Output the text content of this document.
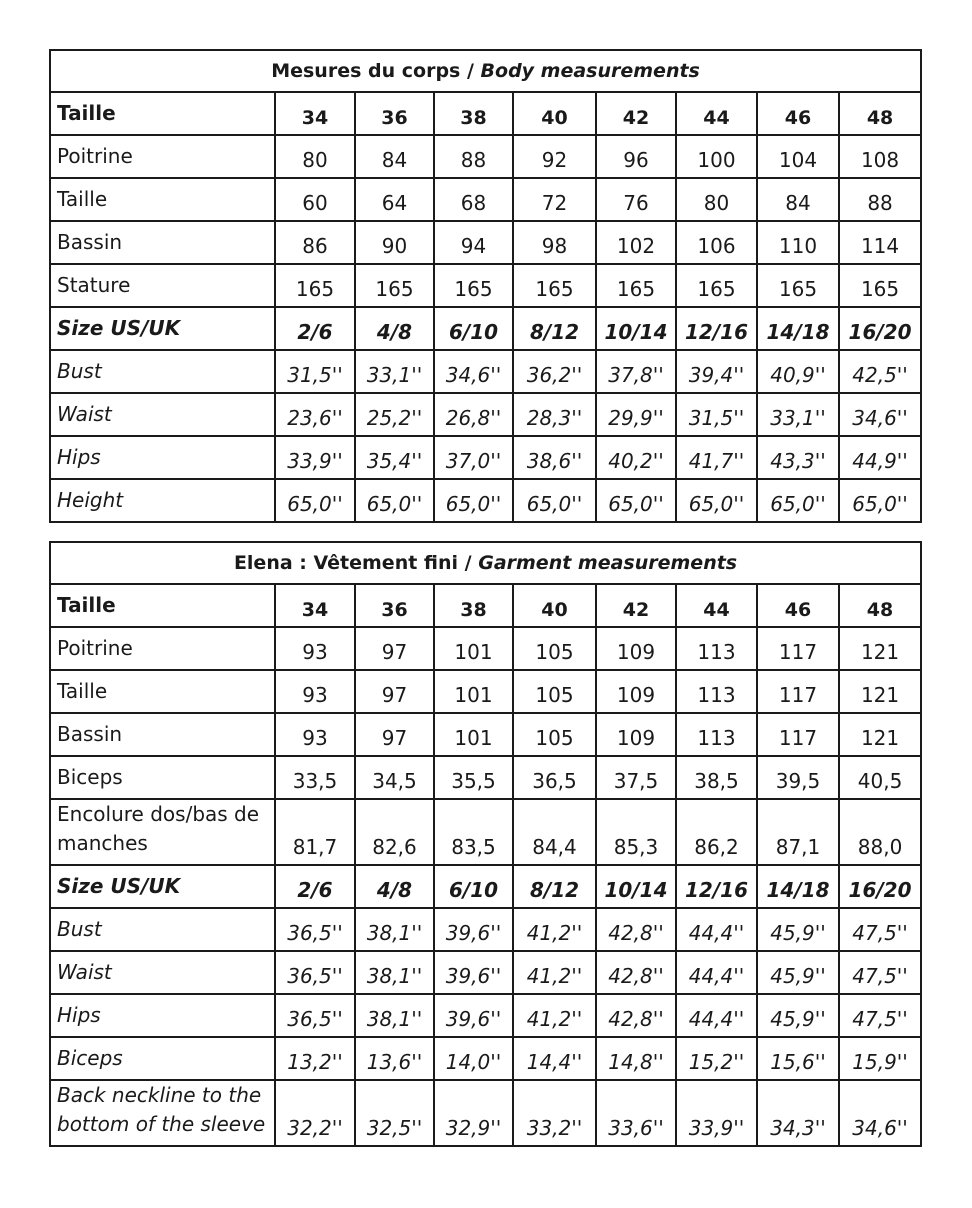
Mesures du corps / Body measurements								
Taille	34	36	38	40	42	44	46	48
Poitrine	80	84	88	92	96	100	104	108
Taille	60	64	68	72	76	80	84	88
Bassin	86	90	94	98	102	106	110	114
Stature	165	165	165	165	165	165	165	165
Size US/UK	2/6	4/8	6/10	8/12	10/14	12/16	14/18	16/20
Bust	31,5''	33,1''	34,6''	36,2''	37,8''	39,4''	40,9''	42,5''
Waist	23,6''	25,2''	26,8''	28,3''	29,9''	31,5''	33,1''	34,6''
Hips	33,9''	35,4''	37,0''	38,6''	40,2''	41,7''	43,3''	44,9''
Height	65,0''	65,0''	65,0''	65,0''	65,0''	65,0''	65,0''	65,0''
Elena : Vêtement fini / Garment measurements								
Taille	34	36	38	40	42	44	46	48
Poitrine	93	97	101	105	109	113	117	121
Taille	93	97	101	105	109	113	117	121
Bassin	93	97	101	105	109	113	117	121
Biceps	33,5	34,5	35,5	36,5	37,5	38,5	39,5	40,5
Encolure dos/bas de manches	81,7	82,6	83,5	84,4	85,3	86,2	87,1	88,0
Size US/UK	2/6	4/8	6/10	8/12	10/14	12/16	14/18	16/20
Bust	36,5''	38,1''	39,6''	41,2''	42,8''	44,4''	45,9''	47,5''
Waist	36,5''	38,1''	39,6''	41,2''	42,8''	44,4''	45,9''	47,5''
Hips	36,5''	38,1''	39,6''	41,2''	42,8''	44,4''	45,9''	47,5''
Biceps	13,2''	13,6''	14,0''	14,4''	14,8''	15,2''	15,6''	15,9''
Back neckline to the bottom of the sleeve	32,2''	32,5''	32,9''	33,2''	33,6''	33,9''	34,3''	34,6''
